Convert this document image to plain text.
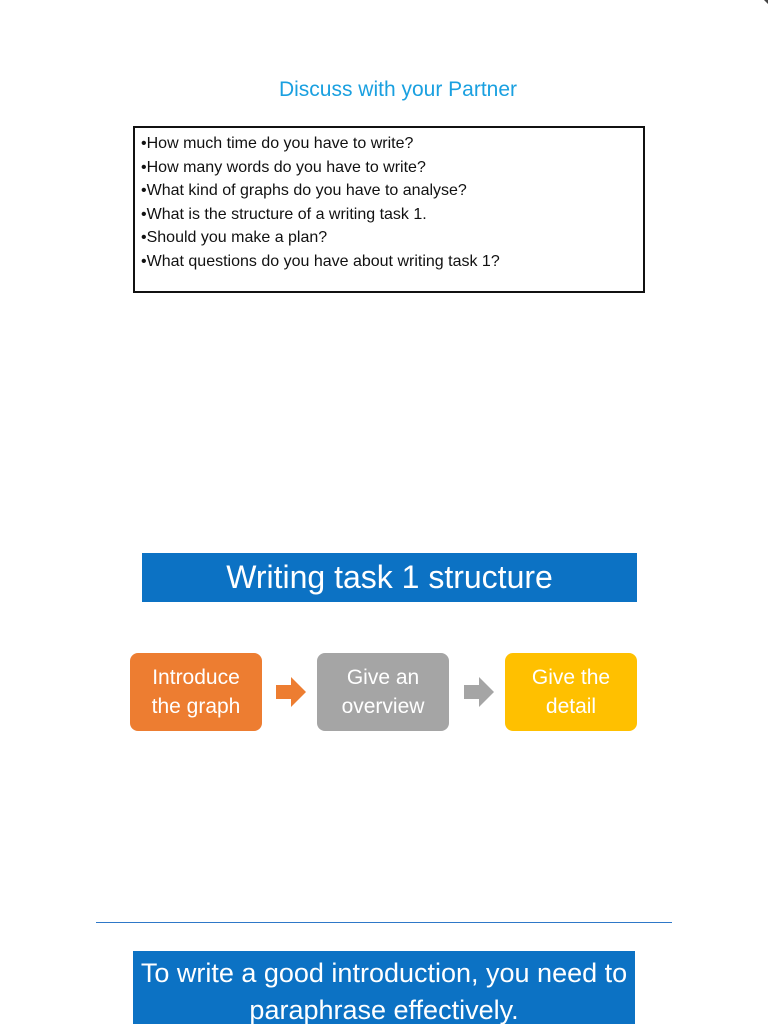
Discuss with your Partner
• How much time do you have to write?
• How many words do you have to write?
• What kind of graphs do you have to analyse?
• What is the structure of a writing task 1.
• Should you make a plan?
• What questions do you have about writing task 1?
Writing task 1 structure
Introduce the graph
Give an overview
Give the detail
To write a good introduction, you need to paraphrase effectively.
